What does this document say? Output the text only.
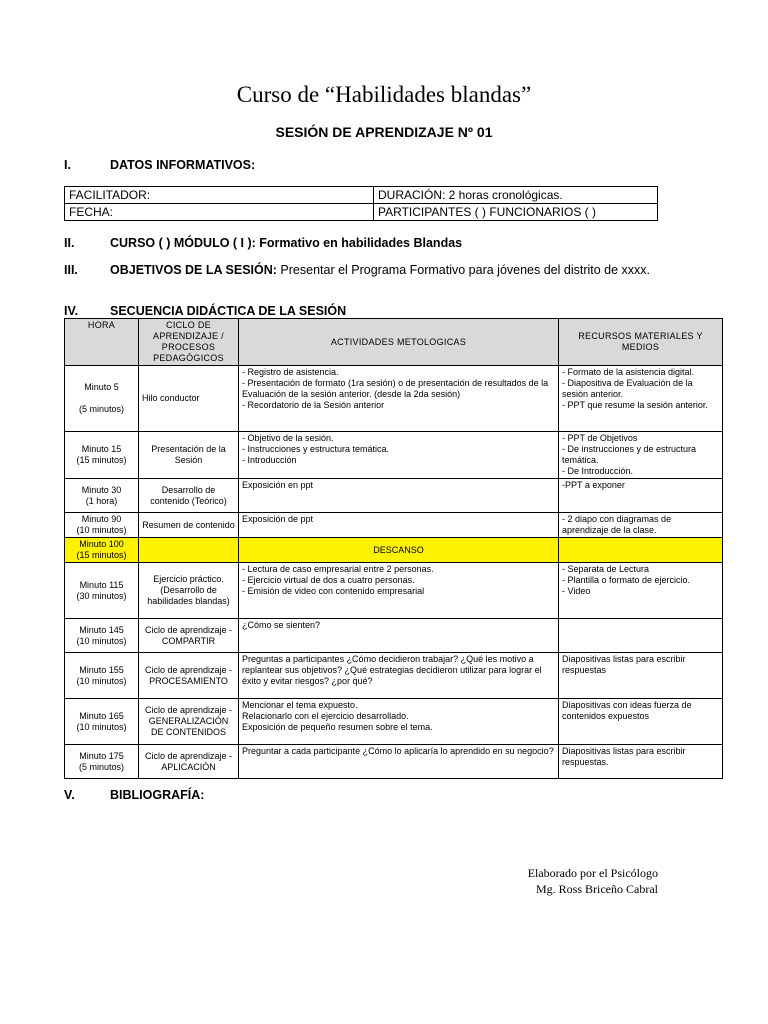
Curso de “Habilidades blandas”
SESIÓN DE APRENDIZAJE Nº 01
I.	DATOS INFORMATIVOS:
FACILITADOR:	DURACIÓN: 2 horas cronológicas.
FECHA:	PARTICIPANTES ( ) FUNCIONARIOS ( )
II.	CURSO ( ) MÓDULO ( I ): Formativo en habilidades Blandas
III.	OBJETIVOS DE LA SESIÓN: Presentar el Programa Formativo para jóvenes del distrito de xxxx.
IV.	SECUENCIA DIDÁCTICA DE LA SESIÓN
HORA	CICLO DE APRENDIZAJE / PROCESOS PEDAGÓGICOS	ACTIVIDADES METOLOGICAS	RECURSOS MATERIALES Y MEDIOS

Minuto 5

(5 minutos)	Hilo conductor	- Registro de asistencia.
- Presentación de formato (1ra sesión) o de presentación de resultados de la Evaluación de la sesión anterior. (desde la 2da sesión)
- Recordatorio de la Sesión anterior	- Formato de la asistencia digital.
- Diapositiva de Evaluación de la sesión anterior.
- PPT que resume la sesión anterior.

Minuto 15
(15 minutos)	Presentación de la Sesión	- Objetivo de la sesión.
- Instrucciones y estructura temática.
- Introducción	- PPT de Objetivos
- De instrucciones y de estructura temática.
- De Introducción.

Minuto 30
(1 hora)	Desarrollo de contenido (Teórico)	Exposición en ppt	-PPT a exponer

Minuto 90
(10 minutos)	Resumen de contenido	Exposición de ppt	- 2 diapo con diagramas de aprendizaje de la clase.

Minuto 100
(15 minutos)		DESCANSO	

Minuto 115
(30 minutos)	Ejercicio práctico. (Desarrollo de habilidades blandas)	- Lectura de caso empresarial entre 2 personas.
- Ejercicio virtual de dos a cuatro personas.
- Emisión de video con contenido empresarial	- Separata de Lectura
- Plantilla o formato de ejercicio.
- Video

Minuto 145
(10 minutos)	Ciclo de aprendizaje - COMPARTIR	¿Cómo se sienten?	

Minuto 155
(10 minutos)	Ciclo de aprendizaje - PROCESAMIENTO	Preguntas a participantes ¿Cómo decidieron trabajar? ¿Qué les motivo a replantear sus objetivos? ¿Qué estrategias decidieron utilizar para lograr el éxito y evitar riesgos? ¿por qué?	Diapositivas listas para escribir respuestas

Minuto 165
(10 minutos)	Ciclo de aprendizaje - GENERALIZACIÓN DE CONTENIDOS	Mencionar el tema expuesto.
Relacionarlo con el ejercicio desarrollado.
Exposición de pequeño resumen sobre el tema.	Diapositivas con ideas fuerza de contenidos expuestos

Minuto 175
(5 minutos)	Ciclo de aprendizaje - APLICACIÓN	Preguntar a cada participante ¿Cómo lo aplicaría lo aprendido en su negocio?	Diapositivas listas para escribir respuestas.
V.	BIBLIOGRAFÍA:
Elaborado por el Psicólogo
Mg. Ross Briceño Cabral
